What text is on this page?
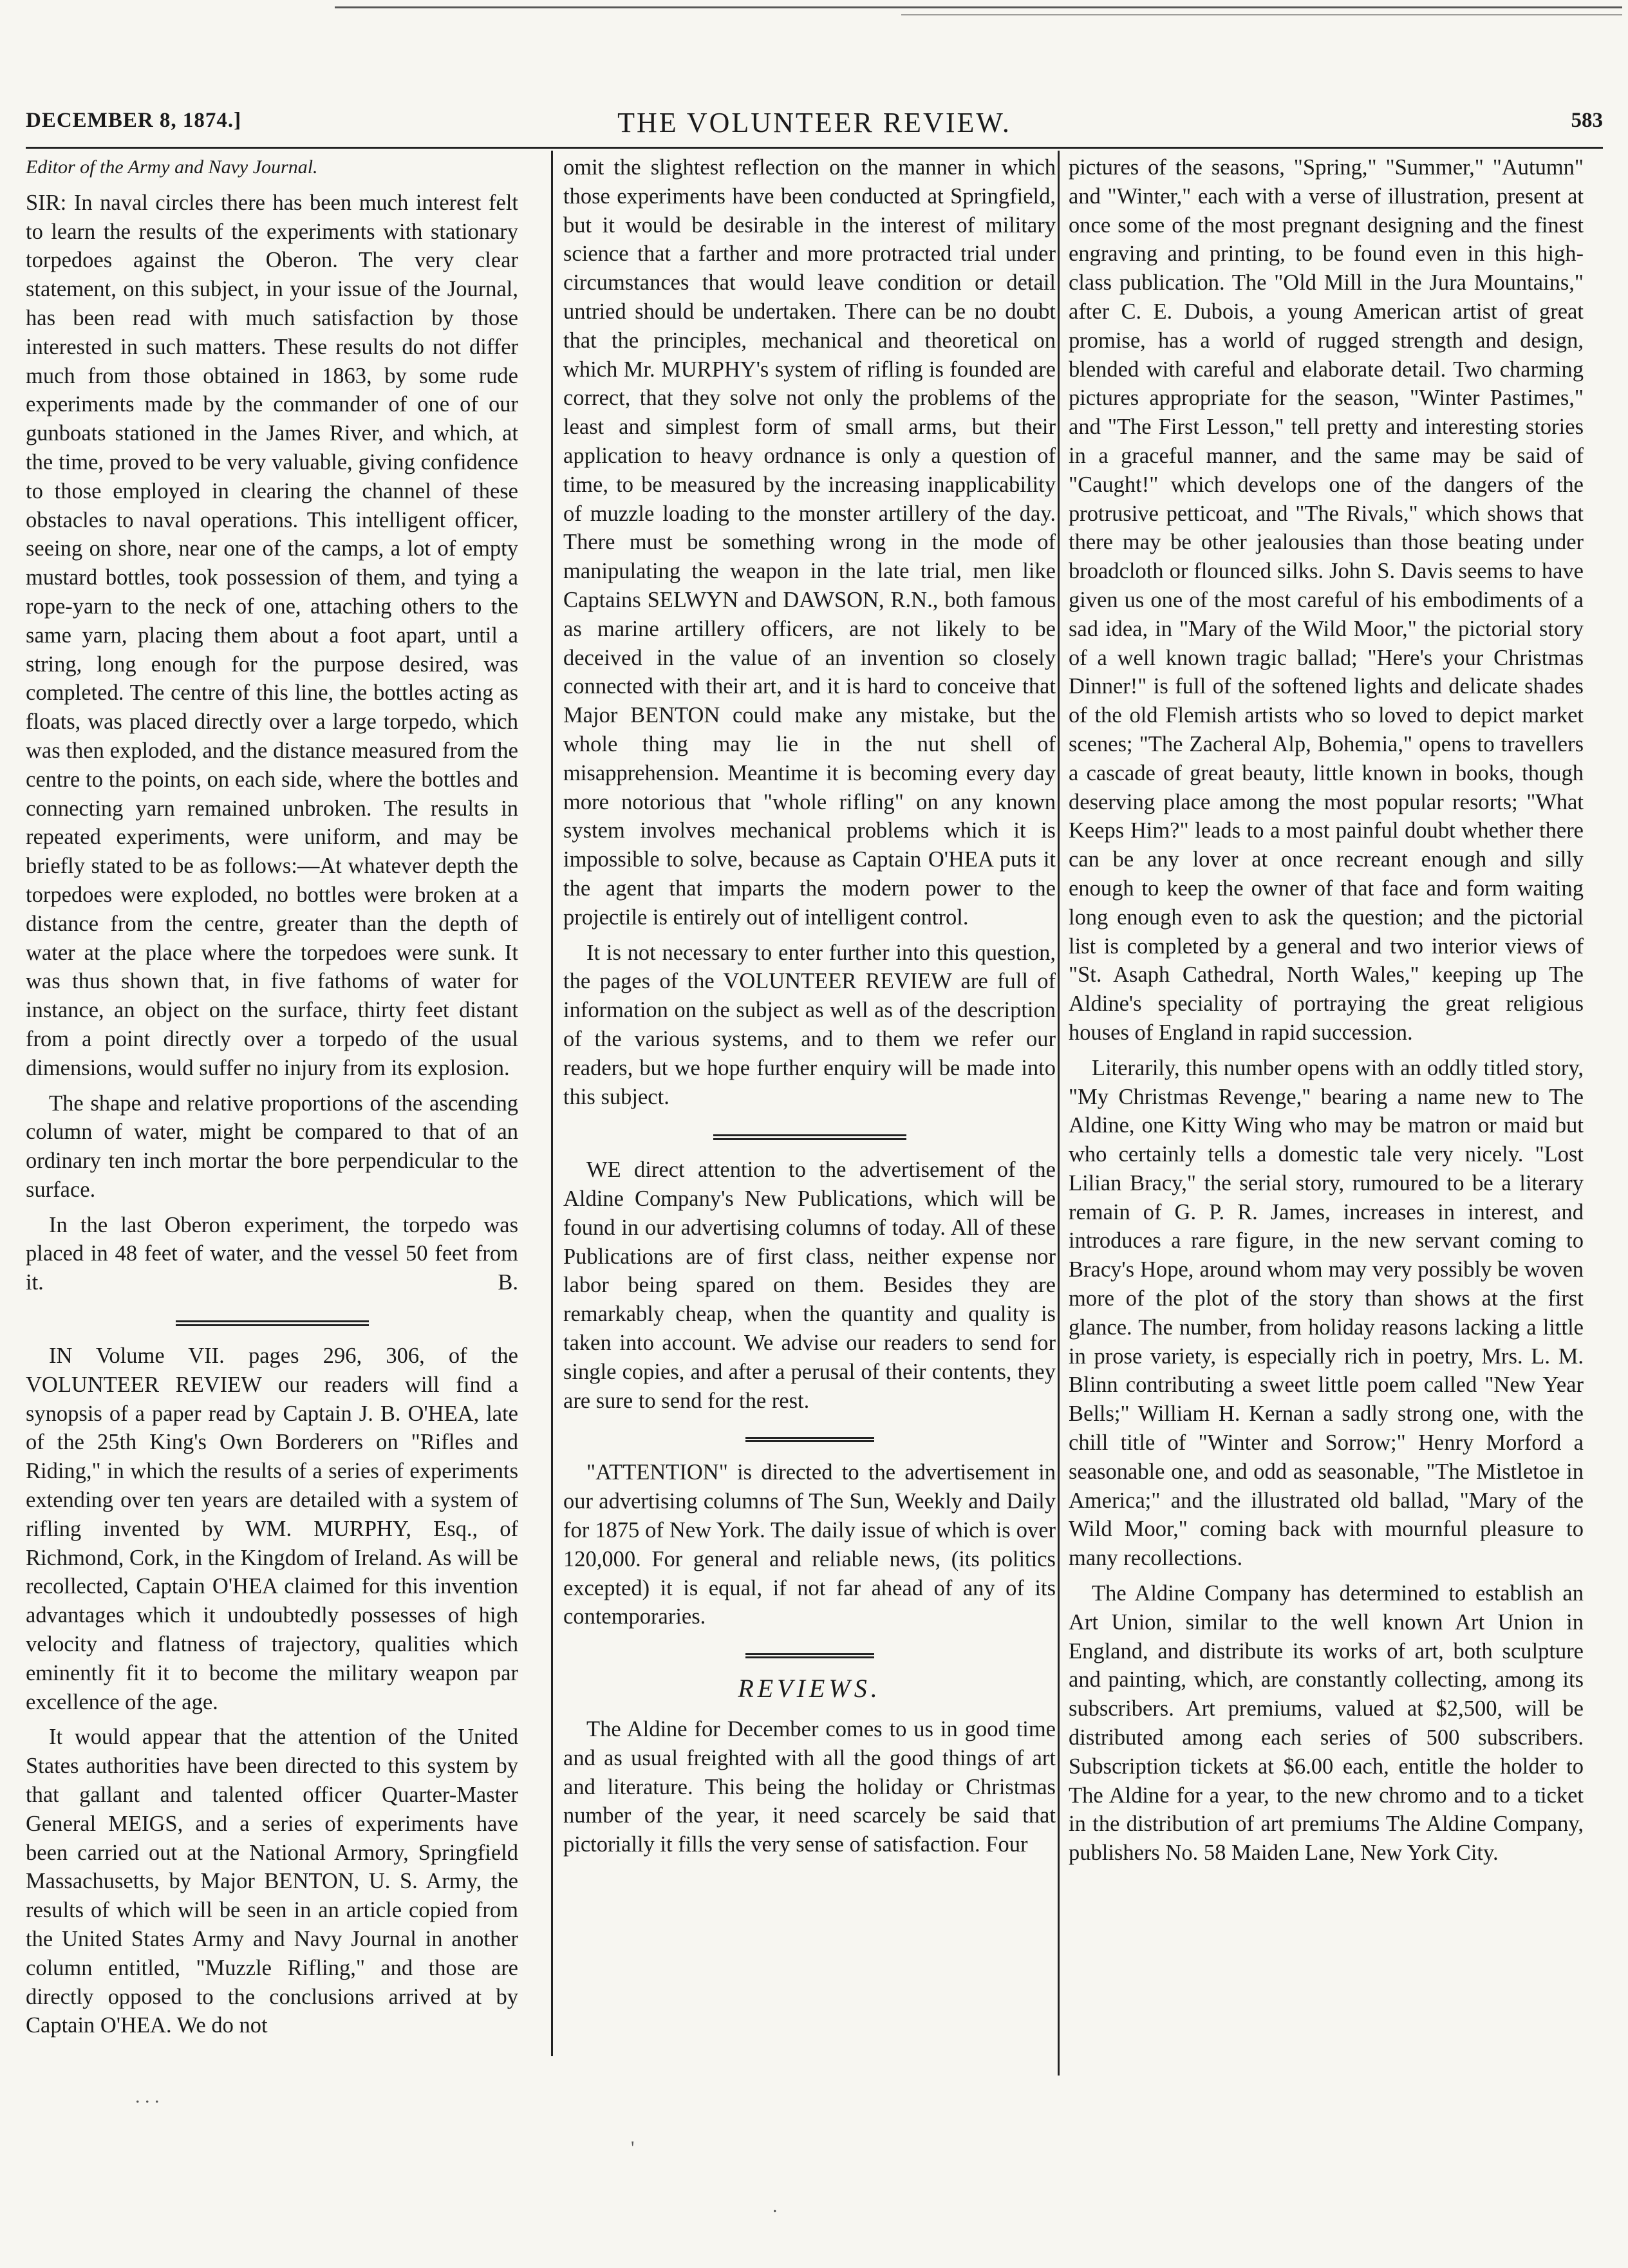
DECEMBER 8, 1874.]	THE VOLUNTEER REVIEW.	583

Editor of the Army and Navy Journal.

SIR: In naval circles there has been much interest felt to learn the results of the experiments with stationary torpedoes against the Oberon. The very clear statement, on this subject, in your issue of the Journal, has been read with much satisfaction by those interested in such matters. These results do not differ much from those obtained in 1863, by some rude experiments made by the commander of one of our gunboats stationed in the James River, and which, at the time, proved to be very valuable, giving confidence to those employed in clearing the channel of these obstacles to naval operations. This intelligent officer, seeing on shore, near one of the camps, a lot of empty mustard bottles, took possession of them, and tying a rope-yarn to the neck of one, attaching others to the same yarn, placing them about a foot apart, until a string, long enough for the purpose desired, was completed. The centre of this line, the bottles acting as floats, was placed directly over a large torpedo, which was then exploded, and the distance measured from the centre to the points, on each side, where the bottles and connecting yarn remained unbroken. The results in repeated experiments, were uniform, and may be briefly stated to be as follows:—At whatever depth the torpedoes were exploded, no bottles were broken at a distance from the centre, greater than the depth of water at the place where the torpedoes were sunk. It was thus shown that, in five fathoms of water for instance, an object on the surface, thirty feet distant from a point directly over a torpedo of the usual dimensions, would suffer no injury from its explosion.

The shape and relative proportions of the ascending column of water, might be compared to that of an ordinary ten inch mortar the bore perpendicular to the surface.

In the last Oberon experiment, the torpedo was placed in 48 feet of water, and the vessel 50 feet from it.	B.

IN Volume VII. pages 296, 306, of the VOLUNTEER REVIEW our readers will find a synopsis of a paper read by Captain J. B. O'HEA, late of the 25th King's Own Borderers on "Rifles and Riding," in which the results of a series of experiments extending over ten years are detailed with a system of rifling invented by WM. MURPHY, Esq., of Richmond, Cork, in the Kingdom of Ireland. As will be recollected, Captain O'HEA claimed for this invention advantages which it undoubtedly possesses of high velocity and flatness of trajectory, qualities which eminently fit it to become the military weapon par excellence of the age.

It would appear that the attention of the United States authorities have been directed to this system by that gallant and talented officer Quarter-Master General MEIGS, and a series of experiments have been carried out at the National Armory, Springfield Massachusetts, by Major BENTON, U. S. Army, the results of which will be seen in an article copied from the United States Army and Navy Journal in another column entitled, "Muzzle Rifling," and those are directly opposed to the conclusions arrived at by Captain O'HEA. We do not

omit the slightest reflection on the manner in which those experiments have been conducted at Springfield, but it would be desirable in the interest of military science that a farther and more protracted trial under circumstances that would leave condition or detail untried should be undertaken. There can be no doubt that the principles, mechanical and theoretical on which Mr. MURPHY's system of rifling is founded are correct, that they solve not only the problems of the least and simplest form of small arms, but their application to heavy ordnance is only a question of time, to be measured by the increasing inapplicability of muzzle loading to the monster artillery of the day. There must be something wrong in the mode of manipulating the weapon in the late trial, men like Captains SELWYN and DAWSON, R.N., both famous as marine artillery officers, are not likely to be deceived in the value of an invention so closely connected with their art, and it is hard to conceive that Major BENTON could make any mistake, but the whole thing may lie in the nut shell of misapprehension. Meantime it is becoming every day more notorious that "whole rifling" on any known system involves mechanical problems which it is impossible to solve, because as Captain O'HEA puts it the agent that imparts the modern power to the projectile is entirely out of intelligent control.

It is not necessary to enter further into this question, the pages of the VOLUNTEER REVIEW are full of information on the subject as well as of the description of the various systems, and to them we refer our readers, but we hope further enquiry will be made into this subject.

WE direct attention to the advertisement of the Aldine Company's New Publications, which will be found in our advertising columns of today. All of these Publications are of first class, neither expense nor labor being spared on them. Besides they are remarkably cheap, when the quantity and quality is taken into account. We advise our readers to send for single copies, and after a perusal of their contents, they are sure to send for the rest.

"ATTENTION" is directed to the advertisement in our advertising columns of The Sun, Weekly and Daily for 1875 of New York. The daily issue of which is over 120,000. For general and reliable news, (its politics excepted) it is equal, if not far ahead of any of its contemporaries.

REVIEWS.

The Aldine for December comes to us in good time and as usual freighted with all the good things of art and literature. This being the holiday or Christmas number of the year, it need scarcely be said that pictorially it fills the very sense of satisfaction. Four

pictures of the seasons, "Spring," "Summer," "Autumn" and "Winter," each with a verse of illustration, present at once some of the most pregnant designing and the finest engraving and printing, to be found even in this high-class publication. The "Old Mill in the Jura Mountains," after C. E. Dubois, a young American artist of great promise, has a world of rugged strength and design, blended with careful and elaborate detail. Two charming pictures appropriate for the season, "Winter Pastimes," and "The First Lesson," tell pretty and interesting stories in a graceful manner, and the same may be said of "Caught!" which develops one of the dangers of the protrusive petticoat, and "The Rivals," which shows that there may be other jealousies than those beating under broadcloth or flounced silks. John S. Davis seems to have given us one of the most careful of his embodiments of a sad idea, in "Mary of the Wild Moor," the pictorial story of a well known tragic ballad; "Here's your Christmas Dinner!" is full of the softened lights and delicate shades of the old Flemish artists who so loved to depict market scenes; "The Zacheral Alp, Bohemia," opens to travellers a cascade of great beauty, little known in books, though deserving place among the most popular resorts; "What Keeps Him?" leads to a most painful doubt whether there can be any lover at once recreant enough and silly enough to keep the owner of that face and form waiting long enough even to ask the question; and the pictorial list is completed by a general and two interior views of "St. Asaph Cathedral, North Wales," keeping up The Aldine's speciality of portraying the great religious houses of England in rapid succession.

Literarily, this number opens with an oddly titled story, "My Christmas Revenge," bearing a name new to The Aldine, one Kitty Wing who may be matron or maid but who certainly tells a domestic tale very nicely. "Lost Lilian Bracy," the serial story, rumoured to be a literary remain of G. P. R. James, increases in interest, and introduces a rare figure, in the new servant coming to Bracy's Hope, around whom may very possibly be woven more of the plot of the story than shows at the first glance. The number, from holiday reasons lacking a little in prose variety, is especially rich in poetry, Mrs. L. M. Blinn contributing a sweet little poem called "New Year Bells;" William H. Kernan a sadly strong one, with the chill title of "Winter and Sorrow;" Henry Morford a seasonable one, and odd as seasonable, "The Mistletoe in America;" and the illustrated old ballad, "Mary of the Wild Moor," coming back with mournful pleasure to many recollections.

The Aldine Company has determined to establish an Art Union, similar to the well known Art Union in England, and distribute its works of art, both sculpture and painting, which, are constantly collecting, among its subscribers. Art premiums, valued at $2,500, will be distributed among each series of 500 subscribers. Subscription tickets at $6.00 each, entitle the holder to The Aldine for a year, to the new chromo and to a ticket in the distribution of art premiums The Aldine Company, publishers No. 58 Maiden Lane, New York City.

. . .
'
.
